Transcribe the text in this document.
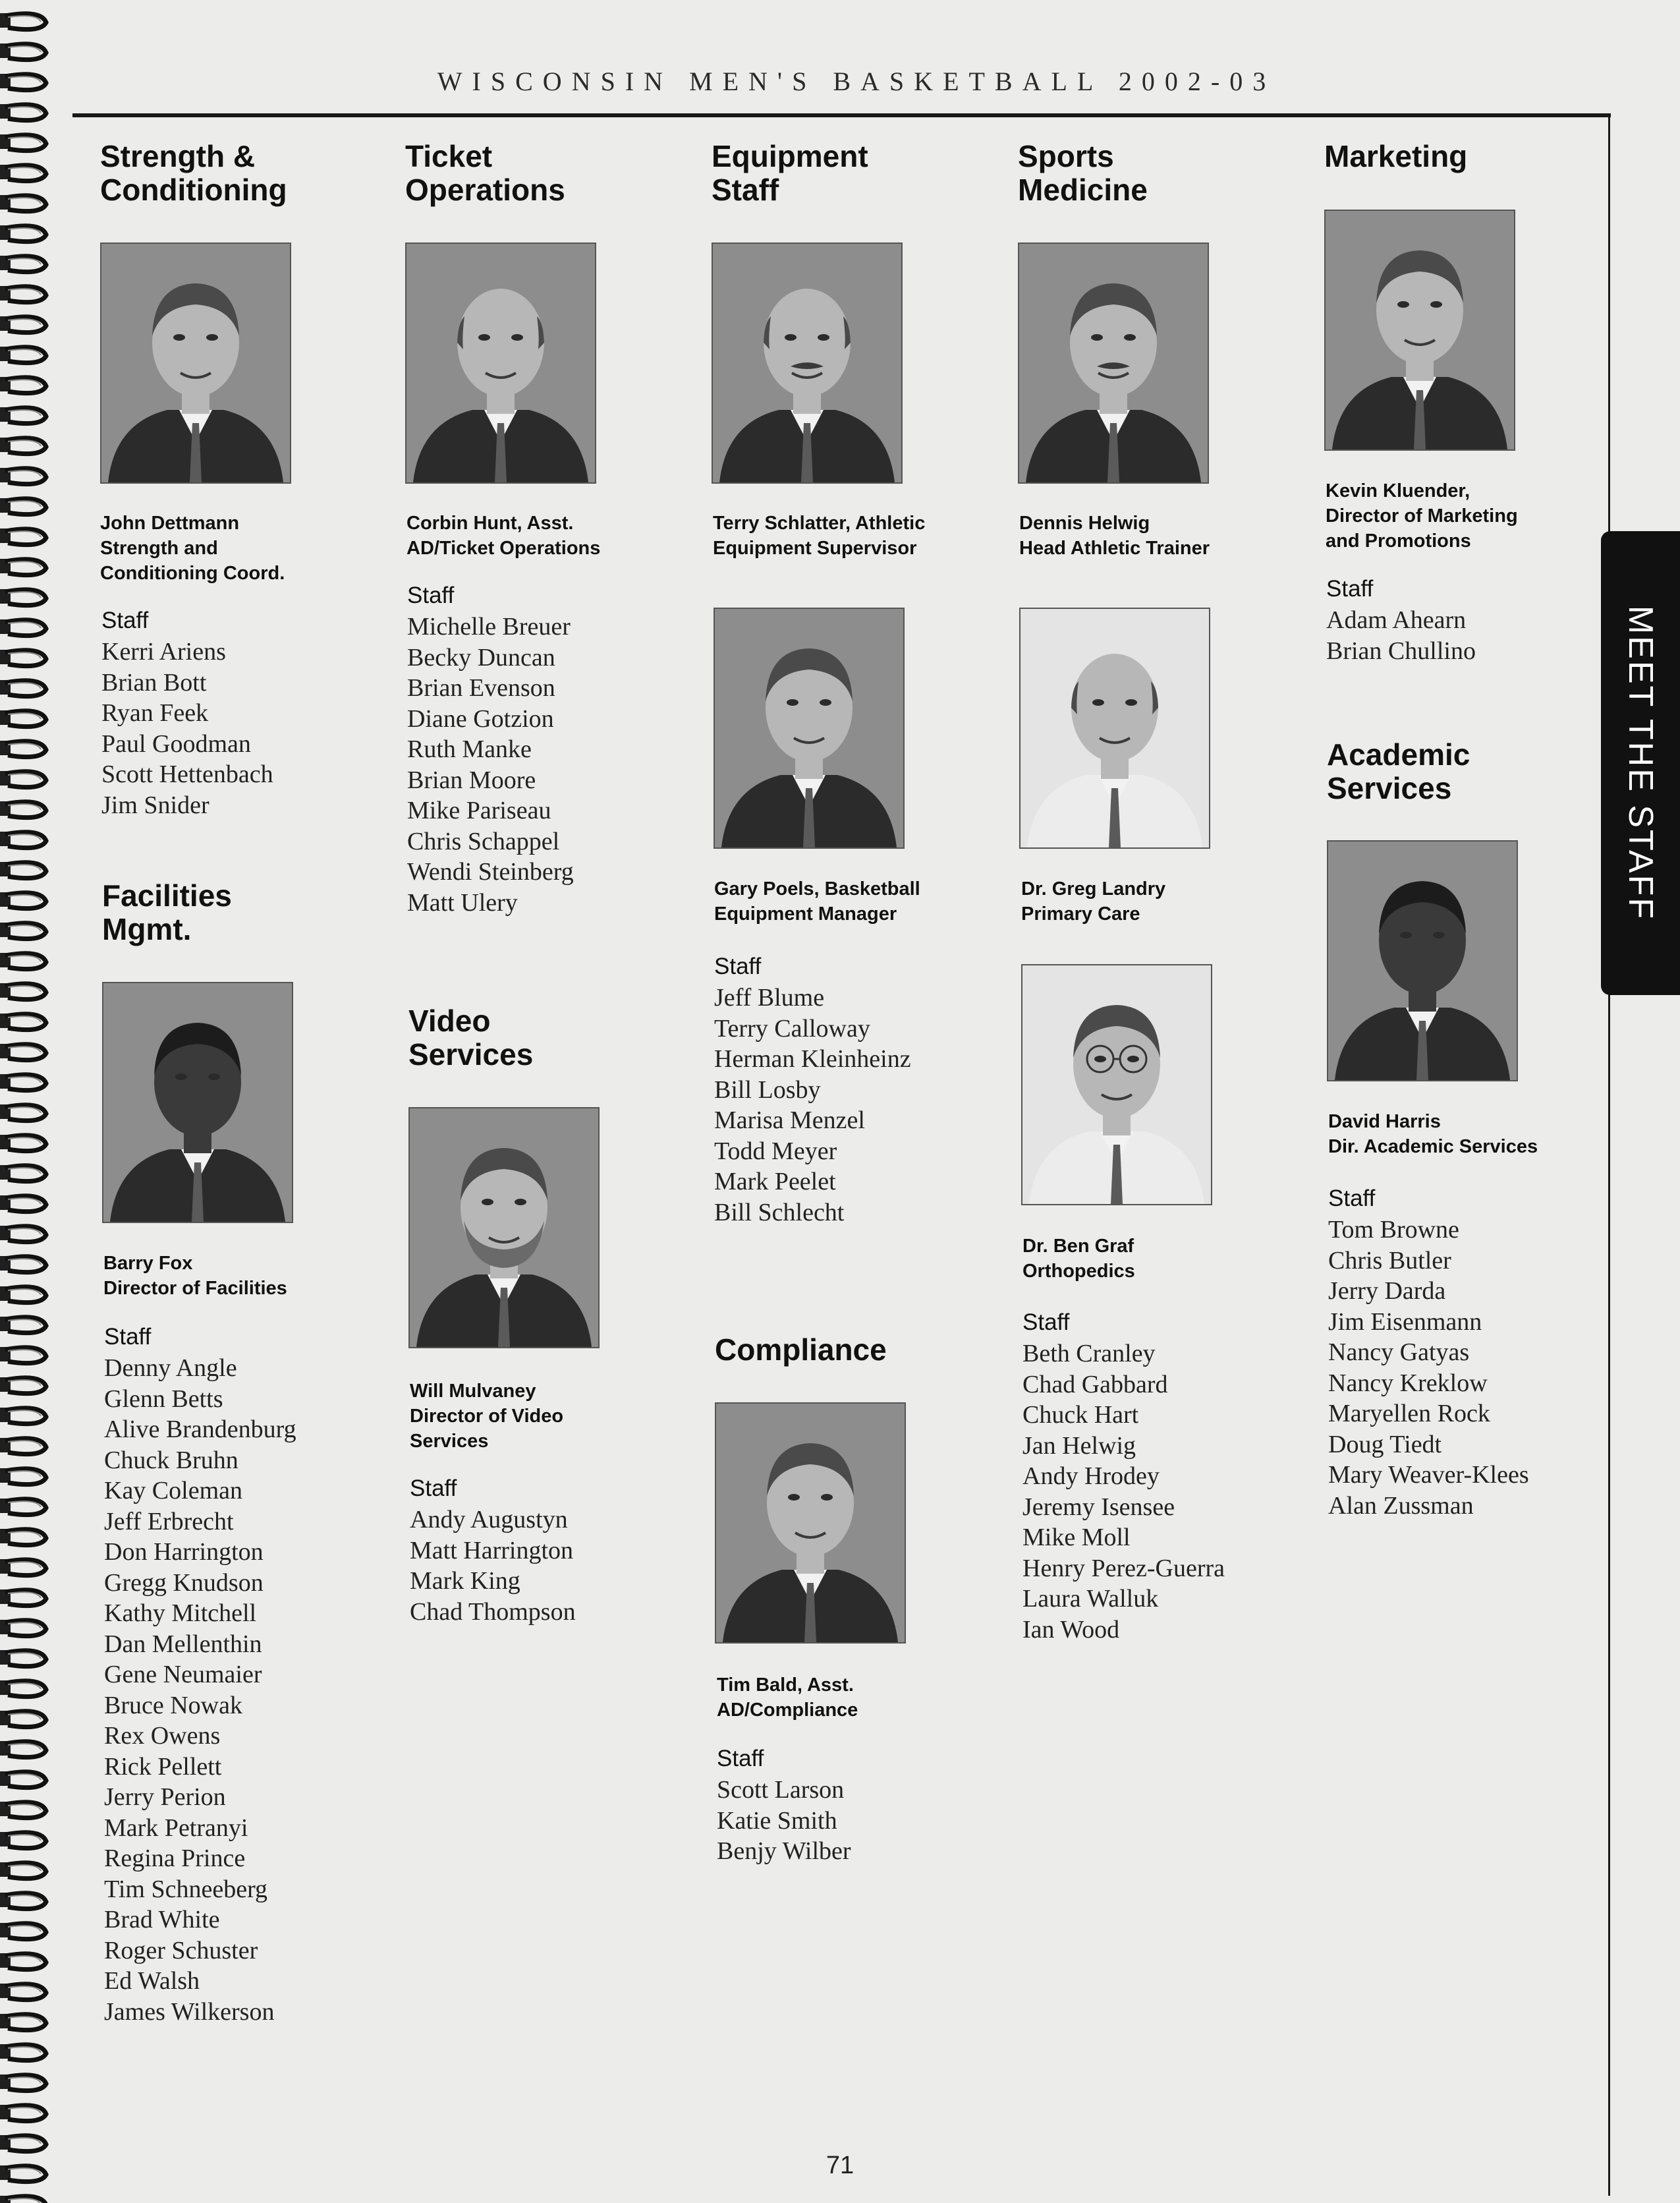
WISCONSIN MEN'S BASKETBALL 2002-03
MEET THE STAFF
Strength &
Conditioning
John Dettmann
Strength and
Conditioning Coord.
Staff
Kerri Ariens
Brian Bott
Ryan Feek
Paul Goodman
Scott Hettenbach
Jim Snider
Facilities
Mgmt.
Barry Fox
Director of Facilities
Staff
Denny Angle
Glenn Betts
Alive Brandenburg
Chuck Bruhn
Kay Coleman
Jeff Erbrecht
Don Harrington
Gregg Knudson
Kathy Mitchell
Dan Mellenthin
Gene Neumaier
Bruce Nowak
Rex Owens
Rick Pellett
Jerry Perion
Mark Petranyi
Regina Prince
Tim Schneeberg
Brad White
Roger Schuster
Ed Walsh
James Wilkerson
Ticket
Operations
Corbin Hunt, Asst.
AD/Ticket Operations
Staff
Michelle Breuer
Becky Duncan
Brian Evenson
Diane Gotzion
Ruth Manke
Brian Moore
Mike Pariseau
Chris Schappel
Wendi Steinberg
Matt Ulery
Video
Services
Will Mulvaney
Director of Video
Services
Staff
Andy Augustyn
Matt Harrington
Mark King
Chad Thompson
Equipment
Staff
Terry Schlatter, Athletic
Equipment Supervisor
Gary Poels, Basketball
Equipment Manager
Staff
Jeff Blume
Terry Calloway
Herman Kleinheinz
Bill Losby
Marisa Menzel
Todd Meyer
Mark Peelet
Bill Schlecht
Compliance
Tim Bald, Asst.
AD/Compliance
Staff
Scott Larson
Katie Smith
Benjy Wilber
Sports
Medicine
Dennis Helwig
Head Athletic Trainer
Dr. Greg Landry
Primary Care
Dr. Ben Graf
Orthopedics
Staff
Beth Cranley
Chad Gabbard
Chuck Hart
Jan Helwig
Andy Hrodey
Jeremy Isensee
Mike Moll
Henry Perez-Guerra
Laura Walluk
Ian Wood
Marketing
Kevin Kluender,
Director of Marketing
and Promotions
Staff
Adam Ahearn
Brian Chullino
Academic
Services
David Harris
Dir. Academic Services
Staff
Tom Browne
Chris Butler
Jerry Darda
Jim Eisenmann
Nancy Gatyas
Nancy Kreklow
Maryellen Rock
Doug Tiedt
Mary Weaver-Klees
Alan Zussman
71
